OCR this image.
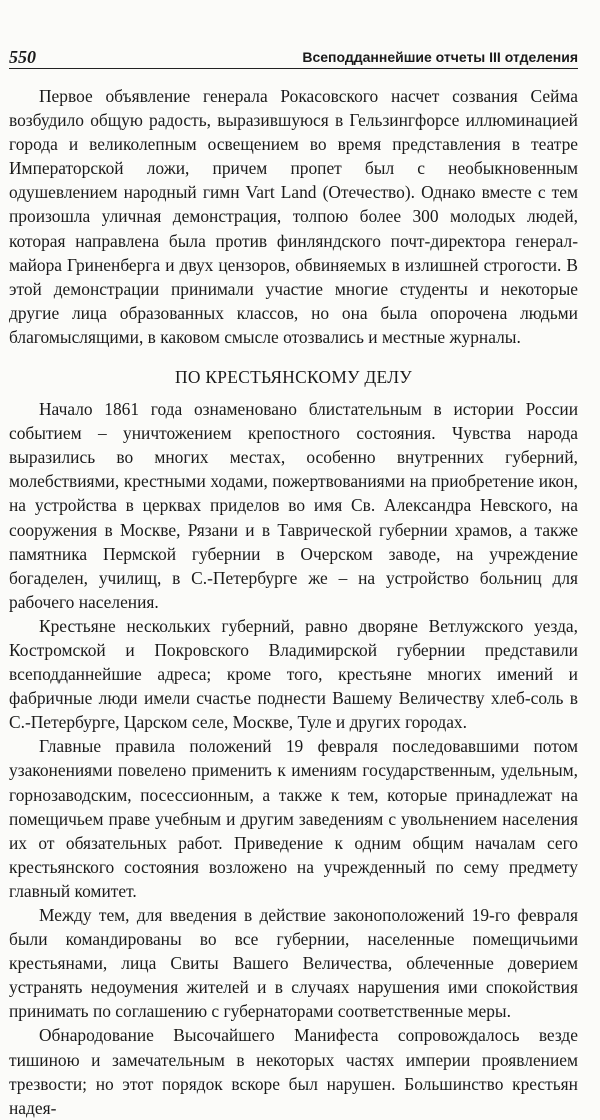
550	Всеподданнейшие отчеты III отделения

Первое объявление генерала Рокасовского насчет созвания Сейма возбудило общую радость, выразившуюся в Гельзингфорсе иллюминацией города и великолепным освещением во время представления в театре Императорской ложи, причем пропет был с необыкновенным одушевлением народный гимн Vart Land (Отечество). Однако вместе с тем произошла уличная демонстрация, толпою более 300 молодых людей, которая направлена была против финляндского почт-директора генерал-майора Гриненберга и двух цензоров, обвиняемых в излишней строгости. В этой демонстрации принимали участие многие студенты и некоторые другие лица образованных классов, но она была опорочена людьми благомыслящими, в каковом смысле отозвались и местные журналы.

ПО КРЕСТЬЯНСКОМУ ДЕЛУ

Начало 1861 года ознаменовано блистательным в истории России событием – уничтожением крепостного состояния. Чувства народа выразились во многих местах, особенно внутренних губерний, молебствиями, крестными ходами, пожертвованиями на приобретение икон, на устройства в церквах приделов во имя Св. Александра Невского, на сооружения в Москве, Рязани и в Таврической губернии храмов, а также памятника Пермской губернии в Очерском заводе, на учреждение богаделен, училищ, в С.-Петербурге же – на устройство больниц для рабочего населения.

Крестьяне нескольких губерний, равно дворяне Ветлужского уезда, Костромской и Покровского Владимирской губернии представили всеподданнейшие адреса; кроме того, крестьяне многих имений и фабричные люди имели счастье поднести Вашему Величеству хлеб-соль в С.-Петербурге, Царском селе, Москве, Туле и других городах.

Главные правила положений 19 февраля последовавшими потом узаконениями повелено применить к имениям государственным, удельным, горнозаводским, посессионным, а также к тем, которые принадлежат на помещичьем праве учебным и другим заведениям с увольнением населения их от обязательных работ. Приведение к одним общим началам сего крестьянского состояния возложено на учрежденный по сему предмету главный комитет.

Между тем, для введения в действие законоположений 19-го февраля были командированы во все губернии, населенные помещичьими крестьянами, лица Свиты Вашего Величества, облеченные доверием устранять недоумения жителей и в случаях нарушения ими спокойствия принимать по соглашению с губернаторами соответственные меры.

Обнародование Высочайшего Манифеста сопровождалось везде тишиною и замечательным в некоторых частях империи проявлением трезвости; но этот порядок вскоре был нарушен. Большинство крестьян надея-
